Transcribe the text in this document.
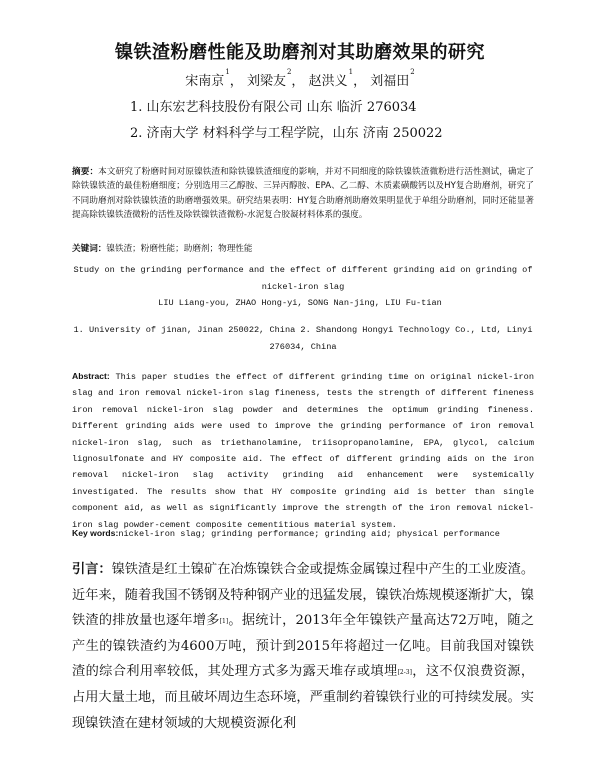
镍铁渣粉磨性能及助磨剂对其助磨效果的研究
宋南京$^1$， 刘梁友$^2$， 赵洪义$^1$， 刘福田$^2$
1. 山东宏艺科技股份有限公司 山东 临沂 276034
2. 济南大学 材料科学与工程学院，山东 济南 250022
摘要：本文研究了粉磨时间对原镍铁渣和除铁镍铁渣细度的影响，并对不同细度的除铁镍铁渣微粉进行活性测试，确定了除铁镍铁渣的最佳粉磨细度；分别选用三乙醇胺、三异丙醇胺、EPA、乙二醇、木质素磺酸钙以及HY复合助磨剂，研究了不同助磨剂对除铁镍铁渣的助磨增强效果。研究结果表明：HY复合助磨剂助磨效果明显优于单组分助磨剂，同时还能显著提高除铁镍铁渣微粉的活性及除铁镍铁渣微粉-水泥复合胶凝材料体系的强度。
关键词：镍铁渣；粉磨性能；助磨剂；物理性能
Study on the grinding performance and the effect of different grinding aid on grinding of nickel-iron slag
LIU Liang-you, ZHAO Hong-yi, SONG Nan-jing, LIU Fu-tian
1. University of jinan, Jinan 250022, China 2. Shandong Hongyi Technology Co., Ltd, Linyi 276034, China
Abstract: This paper studies the effect of different grinding time on original nickel-iron slag and iron removal nickel-iron slag fineness, tests the strength of different fineness iron removal nickel-iron slag powder and determines the optimum grinding fineness. Different grinding aids were used to improve the grinding performance of iron removal nickel-iron slag, such as triethanolamine, triisopropanolamine, EPA, glycol, calcium lignosulfonate and HY composite aid. The effect of different grinding aids on the iron removal nickel-iron slag activity grinding aid enhancement were systemically investigated. The results show that HY composite grinding aid is better than single component aid, as well as significantly improve the strength of the iron removal nickel-iron slag powder-cement composite cementitious material system.
Key words:nickel-iron slag; grinding performance; grinding aid; physical performance
引言：镍铁渣是红土镍矿在冶炼镍铁合金或提炼金属镍过程中产生的工业废渣。近年来，随着我国不锈钢及特种钢产业的迅猛发展，镍铁冶炼规模逐渐扩大，镍铁渣的排放量也逐年增多[1]。据统计，2013年全年镍铁产量高达72万吨，随之产生的镍铁渣约为4600万吨，预计到2015年将超过一亿吨。目前我国对镍铁渣的综合利用率较低，其处理方式多为露天堆存或填埋[2-3]，这不仅浪费资源，占用大量土地，而且破坏周边生态环境，严重制约着镍铁行业的可持续发展。实现镍铁渣在建材领域的大规模资源化利
